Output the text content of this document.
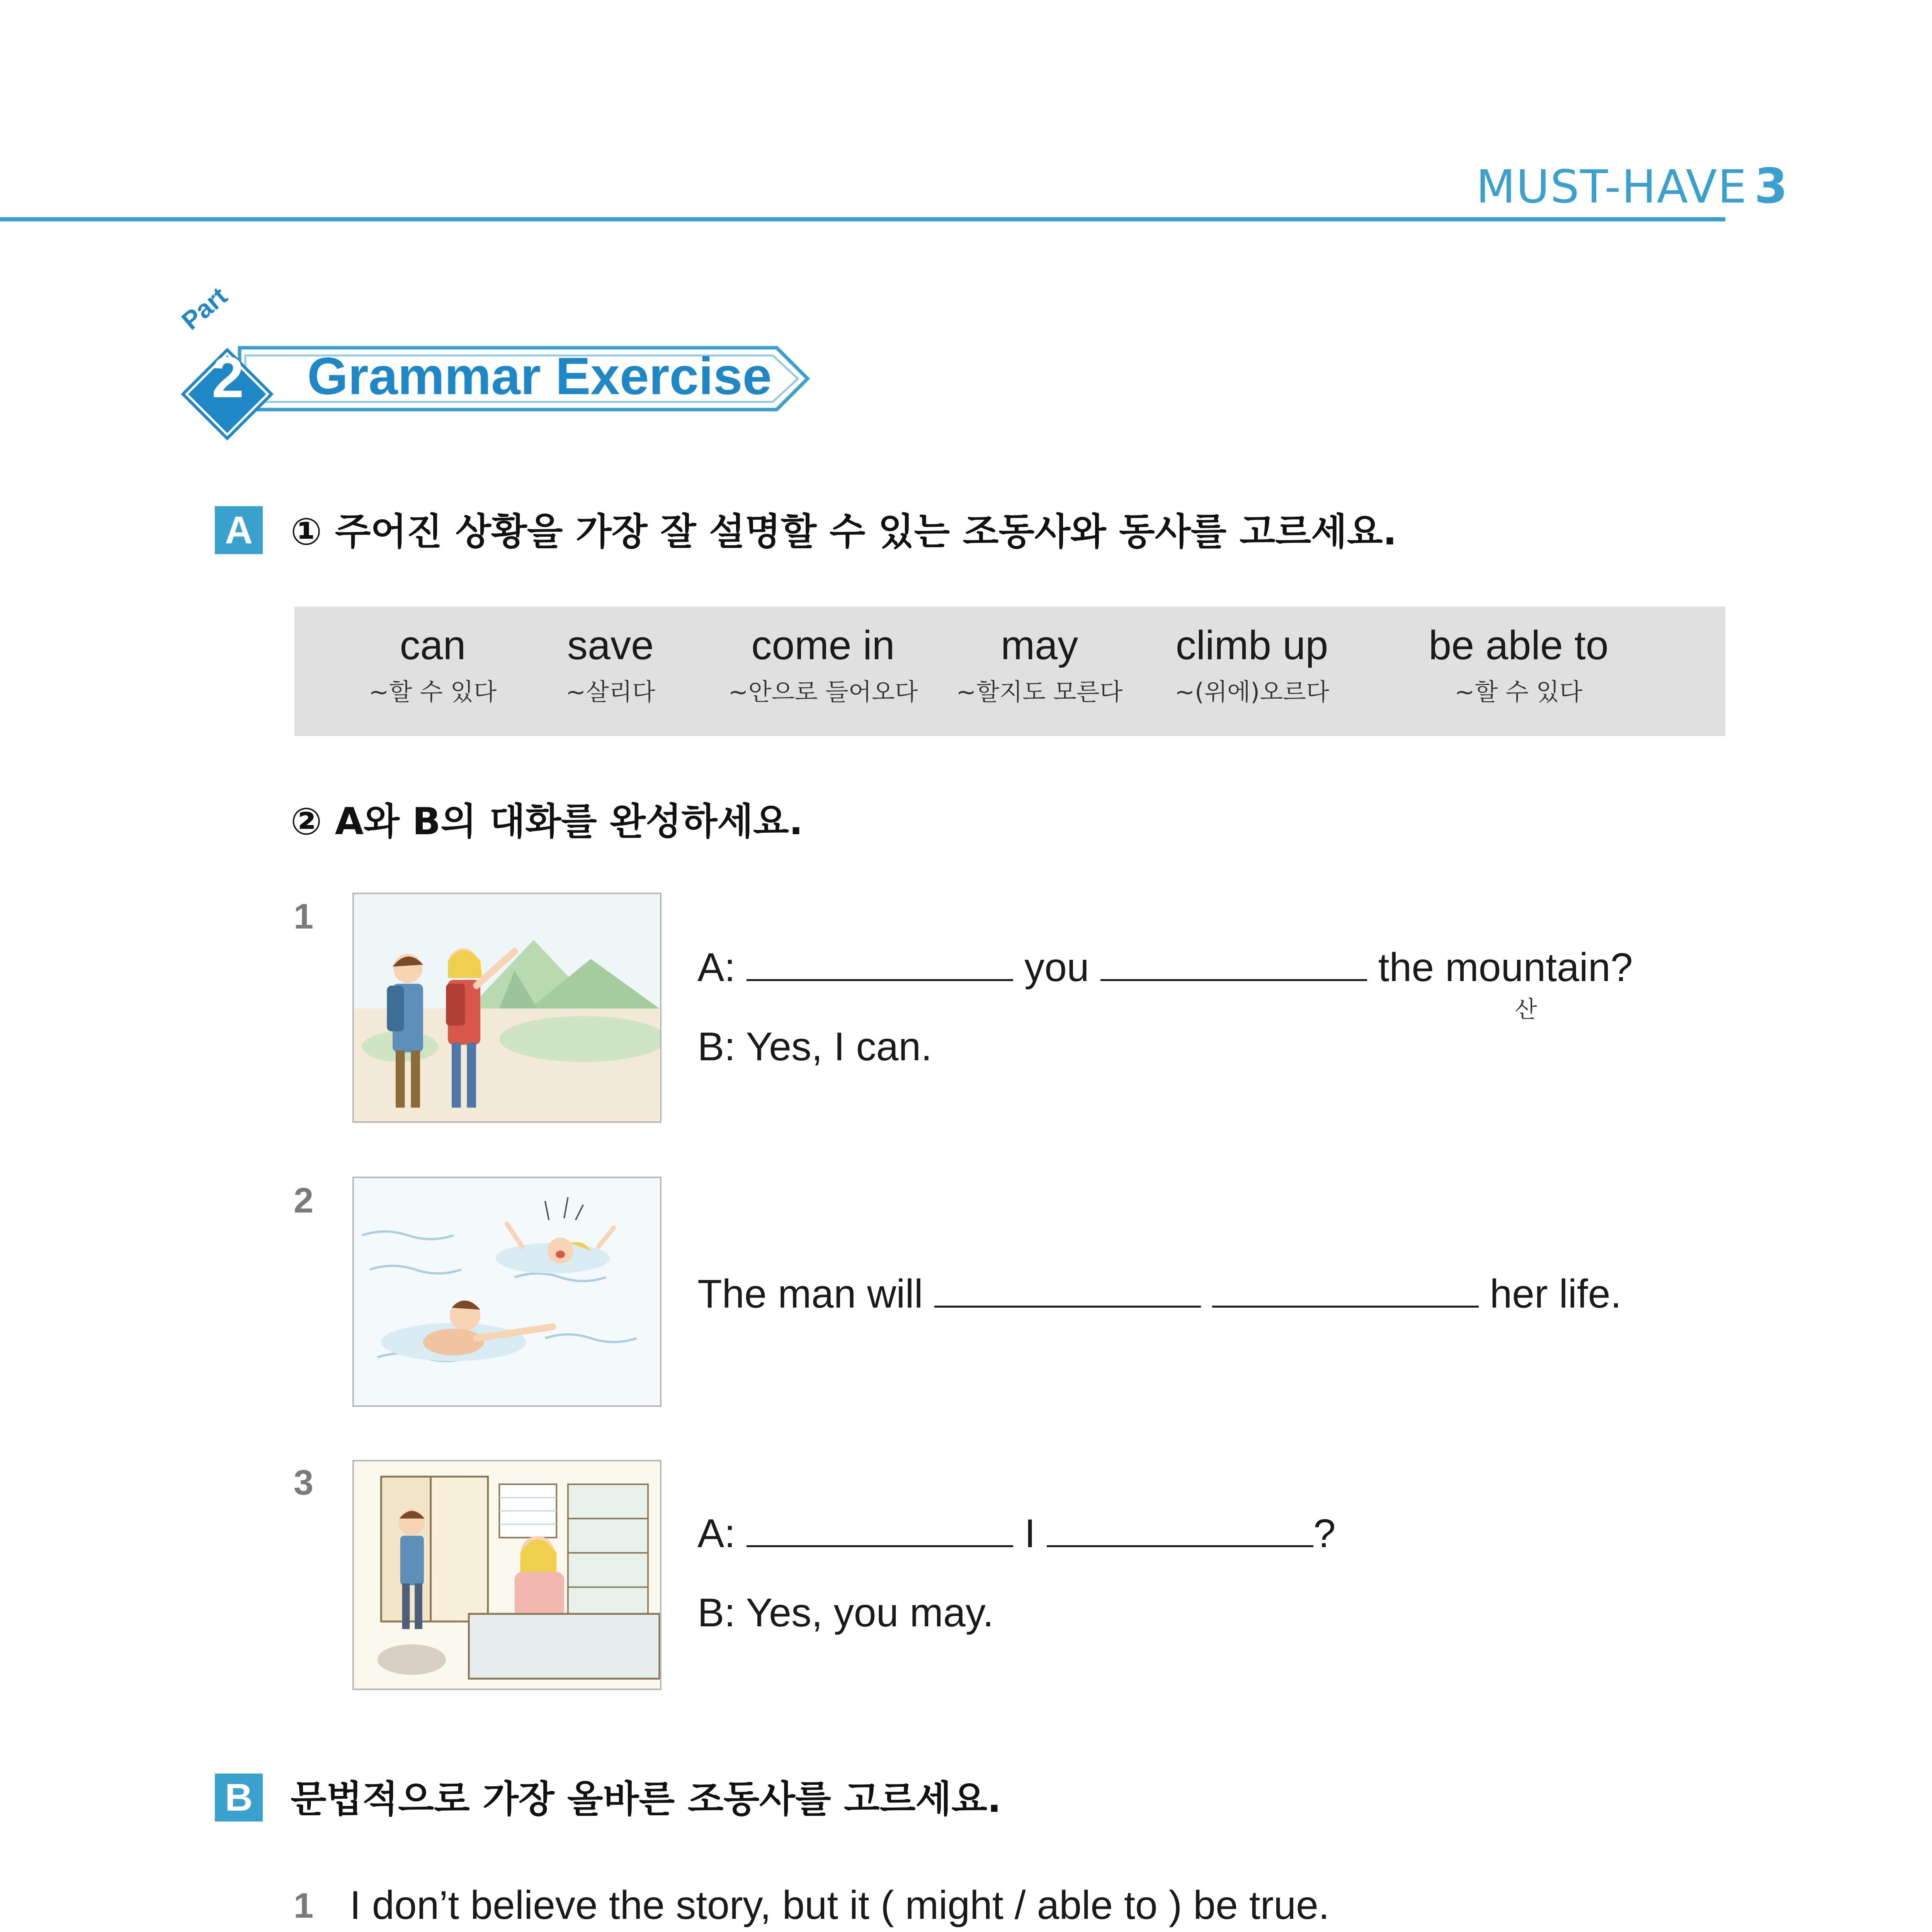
MUST-HAVE 3
Part
2 Grammar Exercise
A ① 주어진 상황을 가장 잘 설명할 수 있는 조동사와 동사를 고르세요.
can
~할 수 있다
save
~살리다
come in
~안으로 들어오다
may
~할지도 모른다
climb up
~(위에)오르다
be able to
~할 수 있다
② A와 B의 대화를 완성하세요.
1
A:	you	the mountain?
산
B: Yes, I can.
2
The man will	her life.
3
A:	I	?
B: Yes, you may.
B 문법적으로 가장 올바른 조동사를 고르세요.
1 I don’t believe the story, but it ( might / able to ) be true.
